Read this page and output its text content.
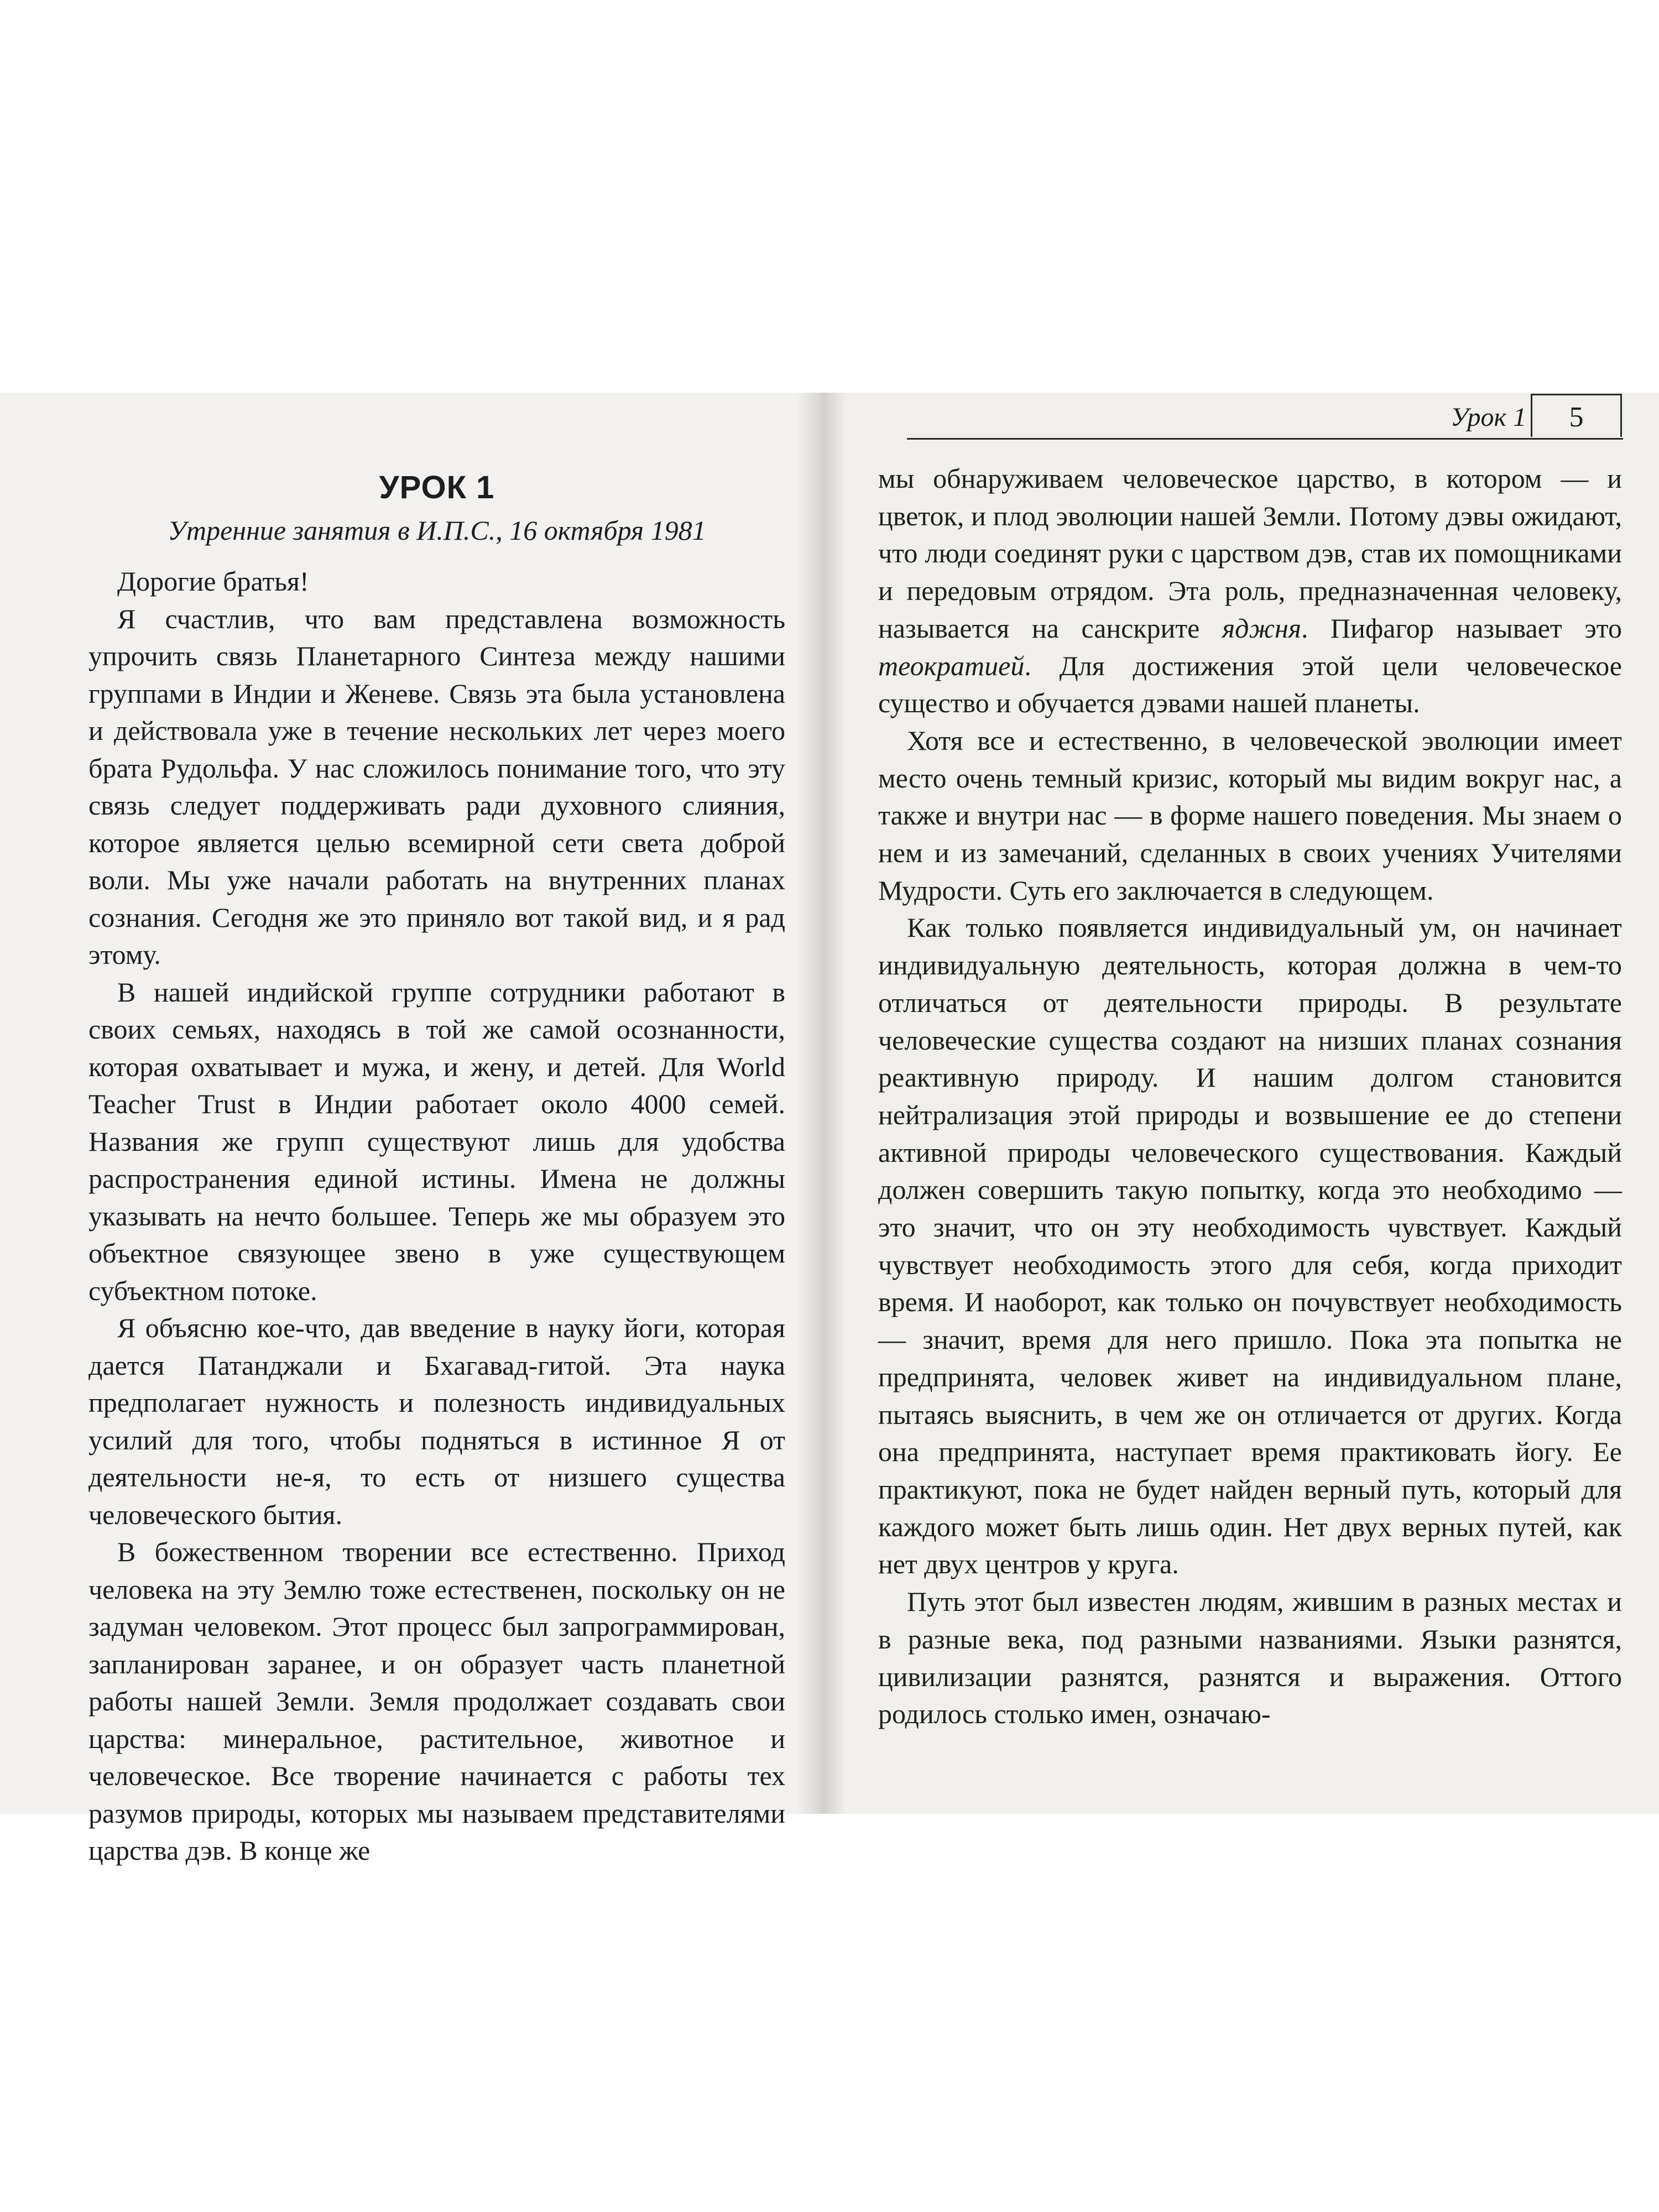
УРОК 1
Утренние занятия в И.П.С., 16 октября 1981

Дорогие братья!

Я счастлив, что вам представлена возможность упрочить связь Планетарного Синтеза между нашими группами в Индии и Женеве. Связь эта была установлена и действовала уже в течение нескольких лет через моего брата Рудольфа. У нас сложилось понимание того, что эту связь следует поддерживать ради духовного слияния, которое является целью всемирной сети света доброй воли. Мы уже начали работать на внутренних планах сознания. Сегодня же это приняло вот такой вид, и я рад этому.

В нашей индийской группе сотрудники работают в своих семьях, находясь в той же самой осознанности, которая охватывает и мужа, и жену, и детей. Для World Teacher Trust в Индии работает около 4000 семей. Названия же групп существуют лишь для удобства распространения единой истины. Имена не должны указывать на нечто большее. Теперь же мы образуем это объектное связующее звено в уже существующем субъектном потоке.

Я объясню кое-что, дав введение в науку йоги, которая дается Патанджали и Бхагавад-гитой. Эта наука предполагает нужность и полезность индивидуальных усилий для того, чтобы подняться в истинное Я от деятельности не-я, то есть от низшего существа человеческого бытия.

В божественном творении все естественно. Приход человека на эту Землю тоже естественен, поскольку он не задуман человеком. Этот процесс был запрограммирован, запланирован заранее, и он образует часть планетной работы нашей Земли. Земля продолжает создавать свои царства: минеральное, растительное, животное и человеческое. Все творение начинается с работы тех разумов природы, которых мы называем представителями царства дэв. В конце же

Урок 1	5

мы обнаруживаем человеческое царство, в котором — и цветок, и плод эволюции нашей Земли. Потому дэвы ожидают, что люди соединят руки с царством дэв, став их помощниками и передовым отрядом. Эта роль, предназначенная человеку, называется на санскрите яджня. Пифагор называет это теократией. Для достижения этой цели человеческое существо и обучается дэвами нашей планеты.

Хотя все и естественно, в человеческой эволюции имеет место очень темный кризис, который мы видим вокруг нас, а также и внутри нас — в форме нашего поведения. Мы знаем о нем и из замечаний, сделанных в своих учениях Учителями Мудрости. Суть его заключается в следующем.

Как только появляется индивидуальный ум, он начинает индивидуальную деятельность, которая должна в чем-то отличаться от деятельности природы. В результате человеческие существа создают на низших планах сознания реактивную природу. И нашим долгом становится нейтрализация этой природы и возвышение ее до степени активной природы человеческого существования. Каждый должен совершить такую попытку, когда это необходимо — это значит, что он эту необходимость чувствует. Каждый чувствует необходимость этого для себя, когда приходит время. И наоборот, как только он почувствует необходимость — значит, время для него пришло. Пока эта попытка не предпринята, человек живет на индивидуальном плане, пытаясь выяснить, в чем же он отличается от других. Когда она предпринята, наступает время практиковать йогу. Ее практикуют, пока не будет найден верный путь, который для каждого может быть лишь один. Нет двух верных путей, как нет двух центров у круга.

Путь этот был известен людям, жившим в разных местах и в разные века, под разными названиями. Языки разнятся, цивилизации разнятся, разнятся и выражения. Оттого родилось столько имен, означаю-
